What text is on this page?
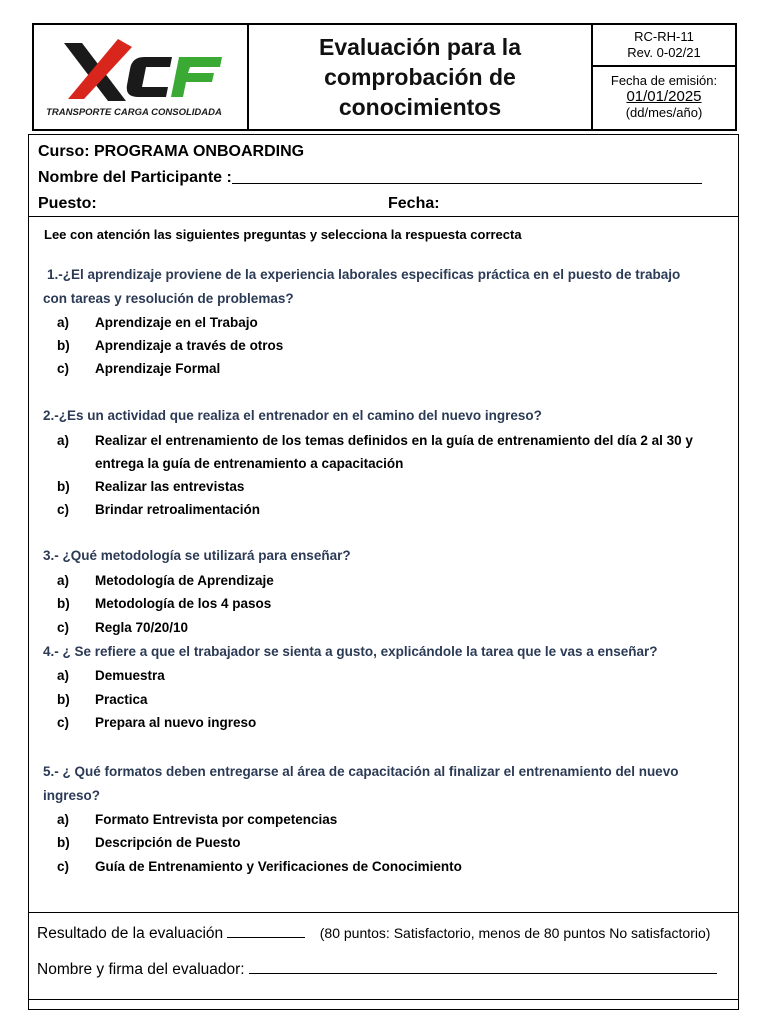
TRANSPORTE CARGA CONSOLIDADA
Evaluación para la
comprobación de
conocimientos
RC-RH-11
Rev. 0-02/21
Fecha de emisión:
01/01/2025
(dd/mes/año)
Curso: PROGRAMA ONBOARDING
Nombre del Participante :
Puesto:	Fecha:
Lee con atención las siguientes preguntas y selecciona la respuesta correcta
1.-¿El aprendizaje proviene de la experiencia laborales especificas práctica en el puesto de trabajo
con tareas y resolución de problemas?
a)	Aprendizaje en el Trabajo
b)	Aprendizaje a través de otros
c)	Aprendizaje Formal
2.-¿Es un actividad que realiza el entrenador en el camino del nuevo ingreso?
a)	Realizar el entrenamiento de los temas definidos en la guía de entrenamiento del día 2 al 30 y entrega la guía de entrenamiento a capacitación
b)	Realizar las entrevistas
c)	Brindar retroalimentación
3.- ¿Qué metodología se utilizará para enseñar?
a)	Metodología de Aprendizaje
b)	Metodología de los 4 pasos
c)	Regla 70/20/10
4.- ¿ Se refiere a que el trabajador se sienta a gusto, explicándole la tarea que le vas a enseñar?
a)	Demuestra
b)	Practica
c)	Prepara al nuevo ingreso
5.- ¿ Qué formatos deben entregarse al área de capacitación al finalizar el entrenamiento del nuevo
ingreso?
a)	Formato Entrevista por competencias
b)	Descripción de Puesto
c)	Guía de Entrenamiento y Verificaciones de Conocimiento
Resultado de la evaluación	(80 puntos: Satisfactorio, menos de 80 puntos No satisfactorio)
Nombre y firma del evaluador:
